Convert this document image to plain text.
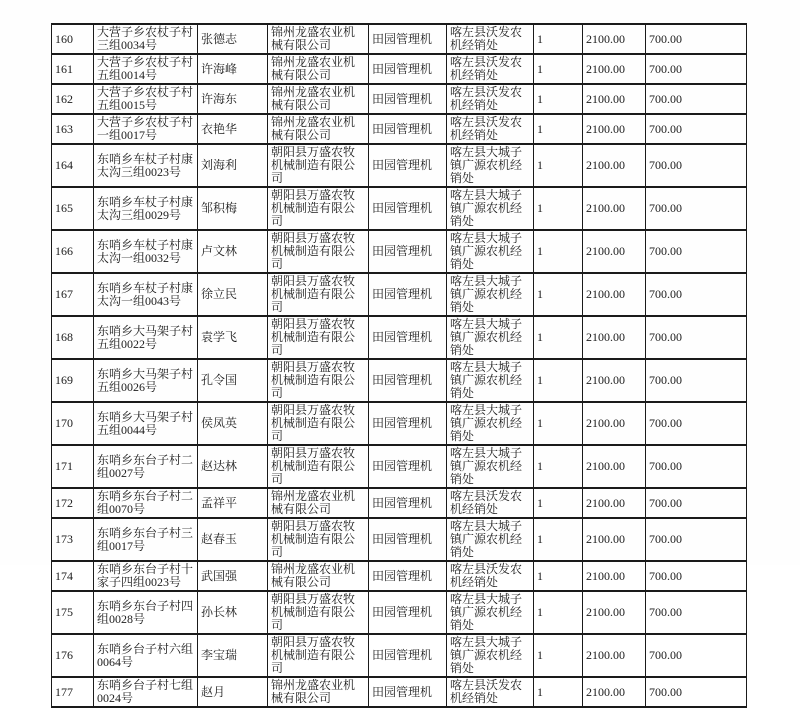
160	大营子乡农杖子村三组0034号	张德志	锦州龙盛农业机械有限公司	田园管理机	喀左县沃发农机经销处	1	2100.00	700.00
161	大营子乡农杖子村五组0014号	许海峰	锦州龙盛农业机械有限公司	田园管理机	喀左县沃发农机经销处	1	2100.00	700.00
162	大营子乡农杖子村五组0015号	许海东	锦州龙盛农业机械有限公司	田园管理机	喀左县沃发农机经销处	1	2100.00	700.00
163	大营子乡农杖子村一组0017号	衣艳华	锦州龙盛农业机械有限公司	田园管理机	喀左县沃发农机经销处	1	2100.00	700.00
164	东哨乡车杖子村康太沟三组0023号	刘海利	朝阳县万盛农牧机械制造有限公司	田园管理机	喀左县大城子镇广源农机经销处	1	2100.00	700.00
165	东哨乡车杖子村康太沟三组0029号	邹积梅	朝阳县万盛农牧机械制造有限公司	田园管理机	喀左县大城子镇广源农机经销处	1	2100.00	700.00
166	东哨乡车杖子村康太沟一组0032号	卢文林	朝阳县万盛农牧机械制造有限公司	田园管理机	喀左县大城子镇广源农机经销处	1	2100.00	700.00
167	东哨乡车杖子村康太沟一组0043号	徐立民	朝阳县万盛农牧机械制造有限公司	田园管理机	喀左县大城子镇广源农机经销处	1	2100.00	700.00
168	东哨乡大马架子村五组0022号	袁学飞	朝阳县万盛农牧机械制造有限公司	田园管理机	喀左县大城子镇广源农机经销处	1	2100.00	700.00
169	东哨乡大马架子村五组0026号	孔令国	朝阳县万盛农牧机械制造有限公司	田园管理机	喀左县大城子镇广源农机经销处	1	2100.00	700.00
170	东哨乡大马架子村五组0044号	侯凤英	朝阳县万盛农牧机械制造有限公司	田园管理机	喀左县大城子镇广源农机经销处	1	2100.00	700.00
171	东哨乡东台子村二组0027号	赵达林	朝阳县万盛农牧机械制造有限公司	田园管理机	喀左县大城子镇广源农机经销处	1	2100.00	700.00
172	东哨乡东台子村二组0070号	孟祥平	锦州龙盛农业机械有限公司	田园管理机	喀左县沃发农机经销处	1	2100.00	700.00
173	东哨乡东台子村三组0017号	赵春玉	朝阳县万盛农牧机械制造有限公司	田园管理机	喀左县大城子镇广源农机经销处	1	2100.00	700.00
174	东哨乡东台子村十家子四组0023号	武国强	锦州龙盛农业机械有限公司	田园管理机	喀左县沃发农机经销处	1	2100.00	700.00
175	东哨乡东台子村四组0028号	孙长林	朝阳县万盛农牧机械制造有限公司	田园管理机	喀左县大城子镇广源农机经销处	1	2100.00	700.00
176	东哨乡台子村六组0064号	李宝瑞	朝阳县万盛农牧机械制造有限公司	田园管理机	喀左县大城子镇广源农机经销处	1	2100.00	700.00
177	东哨乡台子村七组0024号	赵月	锦州龙盛农业机械有限公司	田园管理机	喀左县沃发农机经销处	1	2100.00	700.00
